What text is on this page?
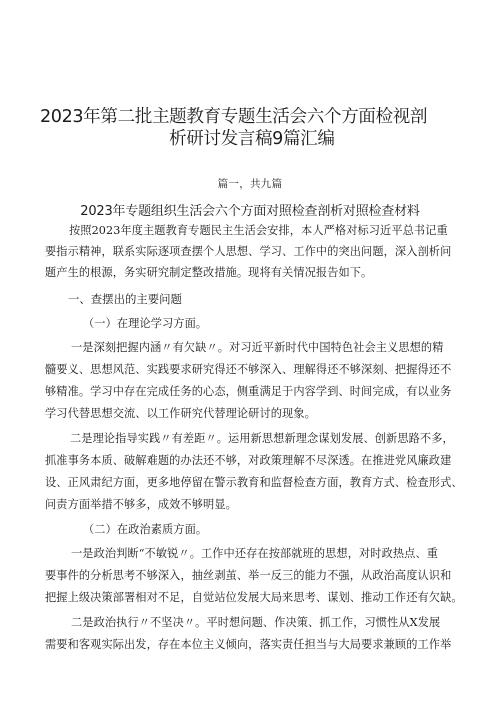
2023年第二批主题教育专题生活会六个方面检视剖
析研讨发言稿9篇汇编
篇一，共九篇
2023年专题组织生活会六个方面对照检查剖析对照检查材料
按照2023年度主题教育专题民主生活会安排，本人严格对标习近平总书记重
要指示精神，联系实际逐项查摆个人思想、学习、工作中的突出问题，深入剖析问
题产生的根源，务实研究制定整改措施。现将有关情况报告如下。
一、查摆出的主要问题
（一）在理论学习方面。
一是深刻把握内涵〃有欠缺〃。对习近平新时代中国特色社会主义思想的精
髓要义、思想风范、实践要求研究得还不够深入、理解得还不够深刻、把握得还不
够精准。学习中存在完成任务的心态，侧重满足于内容学到、时间完成，有以业务
学习代替思想交流、以工作研究代替理论研讨的现象。
二是理论指导实践〃有差距〃。运用新思想新理念谋划发展、创新思路不多，
抓准事务本质、破解难题的办法还不够，对政策理解不尽深透。在推进党风廉政建
设、正风肃纪方面，更多地停留在警示教育和监督检查方面，教育方式、检查形式、
问责方面举措不够多，成效不够明显。
（二）在政治素质方面。
一是政治判断“不敏锐〃。工作中还存在按部就班的思想，对时政热点、重
要事件的分析思考不够深入，抽丝剥茧、举一反三的能力不强，从政治高度认识和
把握上级决策部署相对不足，自觉站位发展大局来思考、谋划、推动工作还有欠缺。
二是政治执行〃不坚决〃。平时想问题、作决策、抓工作，习惯性从X发展
需要和客观实际出发，存在本位主义倾向，落实责任担当与大局要求兼顾的工作举
